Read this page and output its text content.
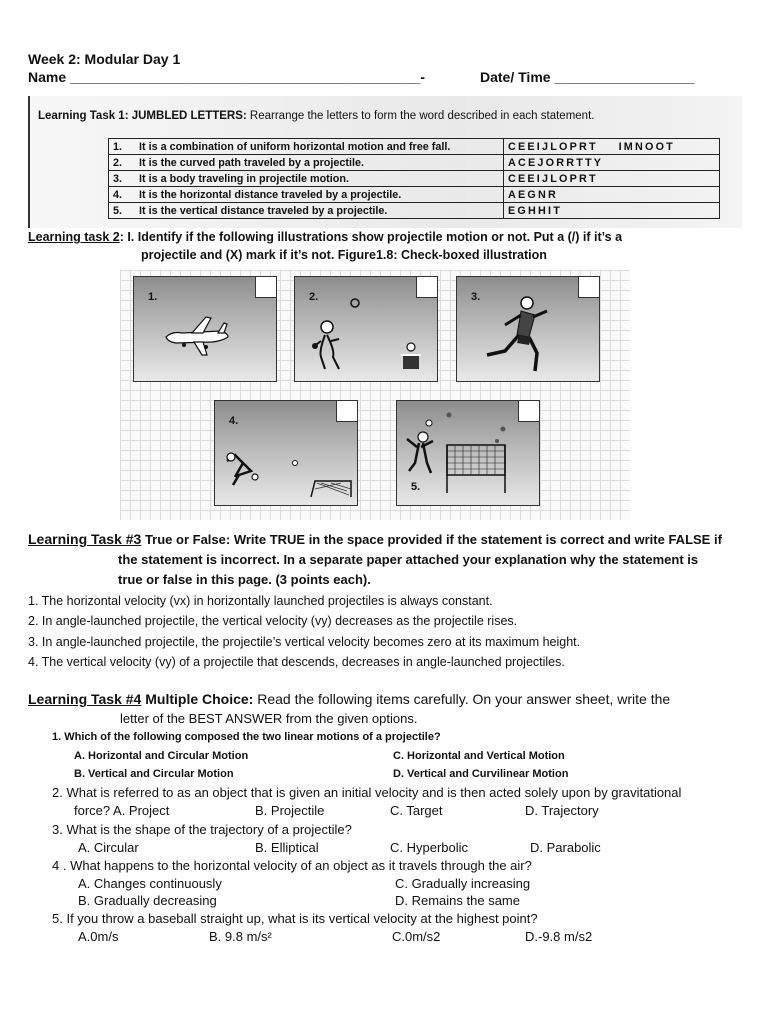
Week 2: Modular Day 1
Name _____________________________________________-	Date/ Time __________________
Learning Task 1: JUMBLED LETTERS: Rearrange the letters to form the word described in each statement.
1.	It is a combination of uniform horizontal motion and free fall.	CEEIJLOPRT    IMNOOT
2.	It is the curved path traveled by a projectile.	ACEJORRTTY
3.	It is a body traveling in projectile motion.	CEEIJLOPRT
4.	It is the horizontal distance traveled by a projectile.	AEGNR
5.	It is the vertical distance traveled by a projectile.	EGHHIT
Learning task 2: I. Identify if the following illustrations show projectile motion or not. Put a (/) if it’s a
projectile and (X) mark if it’s not. Figure1.8: Check-boxed illustration
1.	2.	3.
4.
5.
Learning Task #3 True or False: Write TRUE in the space provided if the statement is correct and write FALSE if
the statement is incorrect. In a separate paper attached your explanation why the statement is
true or false in this page. (3 points each).
1. The horizontal velocity (vx) in horizontally launched projectiles is always constant.
2. In angle-launched projectile, the vertical velocity (vy) decreases as the projectile rises.
3. In angle-launched projectile, the projectile’s vertical velocity becomes zero at its maximum height.
4. The vertical velocity (vy) of a projectile that descends, decreases in angle-launched projectiles.
Learning Task #4 Multiple Choice: Read the following items carefully. On your answer sheet, write the
letter of the BEST ANSWER from the given options.
1. Which of the following composed the two linear motions of a projectile?
A. Horizontal and Circular Motion	C. Horizontal and Vertical Motion
B. Vertical and Circular Motion	D. Vertical and Curvilinear Motion
2. What is referred to as an object that is given an initial velocity and is then acted solely upon by gravitational
force? A. Project	B. Projectile	C. Target	D. Trajectory
3. What is the shape of the trajectory of a projectile?
A. Circular	B. Elliptical	C. Hyperbolic	D. Parabolic
4 . What happens to the horizontal velocity of an object as it travels through the air?
A. Changes continuously	C. Gradually increasing
B. Gradually decreasing	D. Remains the same
5. If you throw a baseball straight up, what is its vertical velocity at the highest point?
A.0m/s	B. 9.8 m/s²	C.0m/s2	D.-9.8 m/s2
